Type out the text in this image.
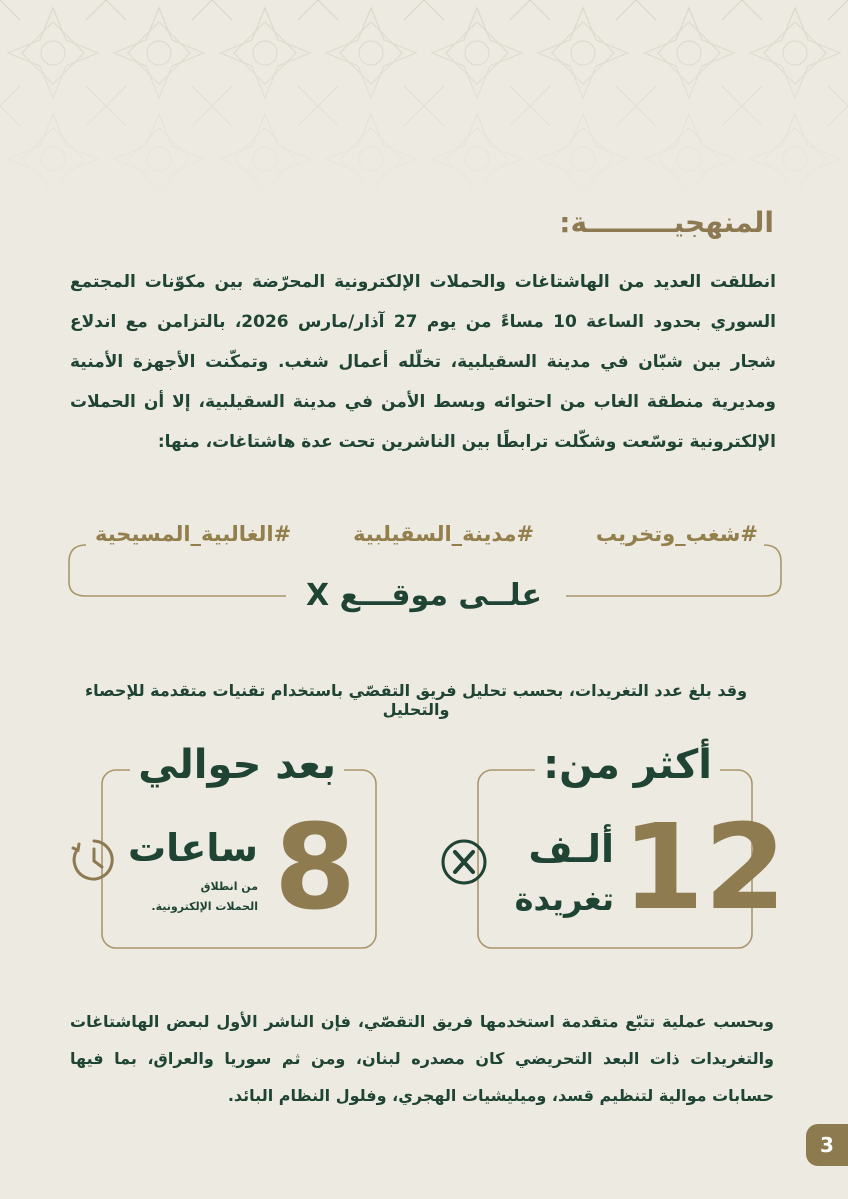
المنهجيـــــــــة:
انطلقت العديد من الهاشتاغات والحملات الإلكترونية المحرّضة بين مكوّنات المجتمع السوري بحدود الساعة 10 مساءً من يوم 27 آذار/مارس 2026، بالتزامن مع اندلاع شجار بين شبّان في مدينة السقيلبية، تخلّله أعمال شغب. وتمكّنت الأجهزة الأمنية ومديرية منطقة الغاب من احتوائه وبسط الأمن في مدينة السقيلبية، إلا أن الحملات الإلكترونية توسّعت وشكّلت ترابطًا بين الناشرين تحت عدة هاشتاغات، منها:
#الغالبية_المسيحية	#مدينة_السقيلبية	#شغب_وتخريب
علــى موقـــع X
وقد بلغ عدد التغريدات، بحسب تحليل فريق التقصّي باستخدام تقنيات متقدمة للإحصاء والتحليل
أكثر من:
12
ألـف
تغريدة
بعد حوالي
8
ساعات
من انطلاق
الحملات الإلكترونية.
وبحسب عملية تتبّع متقدمة استخدمها فريق التقصّي، فإن الناشر الأول لبعض الهاشتاغات والتغريدات ذات البعد التحريضي كان مصدره لبنان، ومن ثم سوريا والعراق، بما فيها حسابات موالية لتنظيم قسد، وميليشيات الهجري، وفلول النظام البائد.
3
